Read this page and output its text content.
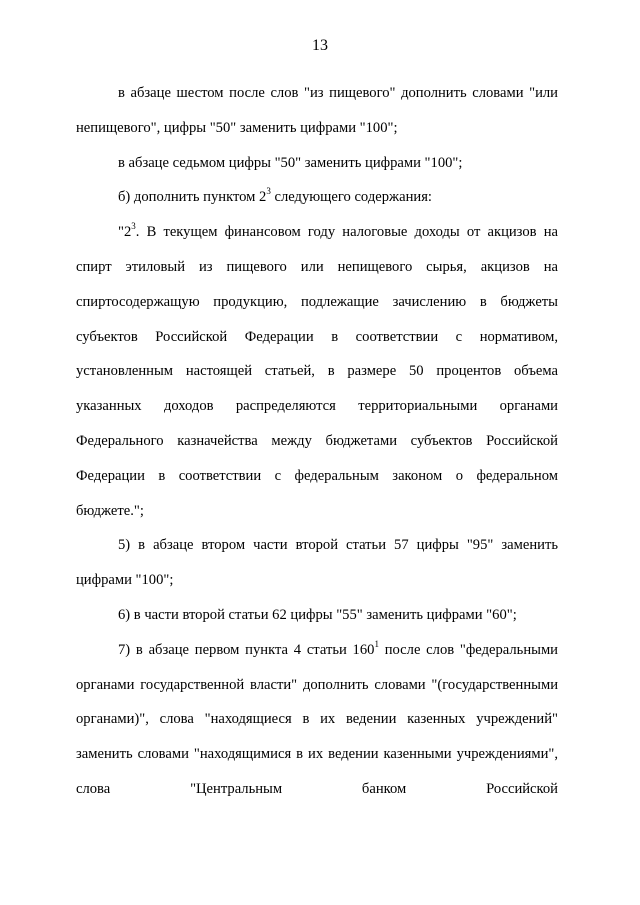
13

в абзаце шестом после слов "из пищевого" дополнить словами "или непищевого", цифры "50" заменить цифрами "100";

в абзаце седьмом цифры "50" заменить цифрами "100";

б) дополнить пунктом $2^3$ следующего содержания:

"$2^3$. В текущем финансовом году налоговые доходы от акцизов на спирт этиловый из пищевого или непищевого сырья, акцизов на спиртосодержащую продукцию, подлежащие зачислению в бюджеты субъектов Российской Федерации в соответствии с нормативом, установленным настоящей статьей, в размере 50 процентов объема указанных доходов распределяются территориальными органами Федерального казначейства между бюджетами субъектов Российской Федерации в соответствии с федеральным законом о федеральном бюджете.";

5) в абзаце втором части второй статьи 57 цифры "95" заменить цифрами "100";

6) в части второй статьи 62 цифры "55" заменить цифрами "60";

7) в абзаце первом пункта 4 статьи $160^1$ после слов "федеральными органами государственной власти" дополнить словами "(государственными органами)", слова "находящиеся в их ведении казенных учреждений" заменить словами "находящимися в их ведении казенными учреждениями", слова "Центральным банком Российской
